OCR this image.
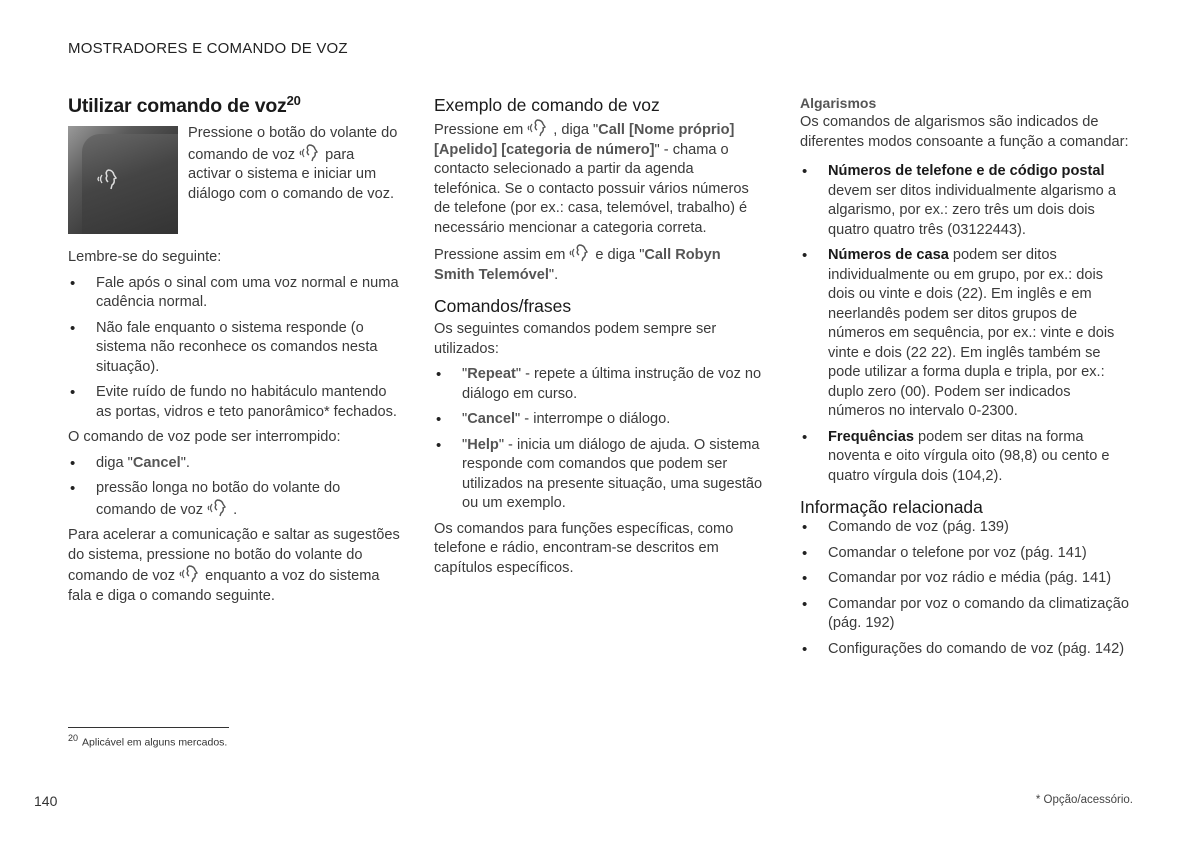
MOSTRADORES E COMANDO DE VOZ
Utilizar comando de voz$^{20}$

Pressione o botão do volante do comando de voz para activar o sistema e iniciar um diálogo com o comando de voz.

Lembre-se do seguinte:

• Fale após o sinal com uma voz normal e numa cadência normal.
• Não fale enquanto o sistema responde (o sistema não reconhece os comandos nesta situação).
• Evite ruído de fundo no habitáculo mantendo as portas, vidros e teto panorâmico* fechados.

O comando de voz pode ser interrompido:

• diga "Cancel".
• pressão longa no botão do volante do comando de voz .

Para acelerar a comunicação e saltar as sugestões do sistema, pressione no botão do volante do comando de voz enquanto a voz do sistema fala e diga o comando seguinte.

Exemplo de comando de voz

Pressione em , diga "Call [Nome próprio] [Apelido] [categoria de número]" - chama o contacto selecionado a partir da agenda telefónica. Se o contacto possuir vários números de telefone (por ex.: casa, telemóvel, trabalho) é necessário mencionar a categoria correta.

Pressione assim em e diga "Call Robyn Smith Telemóvel".

Comandos/frases

Os seguintes comandos podem sempre ser utilizados:

• "Repeat" - repete a última instrução de voz no diálogo em curso.
• "Cancel" - interrompe o diálogo.
• "Help" - inicia um diálogo de ajuda. O sistema responde com comandos que podem ser utilizados na presente situação, uma sugestão ou um exemplo.

Os comandos para funções específicas, como telefone e rádio, encontram-se descritos em capítulos específicos.

Algarismos

Os comandos de algarismos são indicados de diferentes modos consoante a função a comandar:

• Números de telefone e de código postal devem ser ditos individualmente algarismo a algarismo, por ex.: zero três um dois dois quatro quatro três (03122443).
• Números de casa podem ser ditos individualmente ou em grupo, por ex.: dois dois ou vinte e dois (22). Em inglês e em neerlandês podem ser ditos grupos de números em sequência, por ex.: vinte e dois vinte e dois (22 22). Em inglês também se pode utilizar a forma dupla e tripla, por ex.: duplo zero (00). Podem ser indicados números no intervalo 0-2300.
• Frequências podem ser ditas na forma noventa e oito vírgula oito (98,8) ou cento e quatro vírgula dois (104,2).
Informação relacionada
• Comando de voz (pág. 139)
• Comandar o telefone por voz (pág. 141)
• Comandar por voz rádio e média (pág. 141)
• Comandar por voz o comando da climatização (pág. 192)
• Configurações do comando de voz (pág. 142)
$^{20}$ Aplicável em alguns mercados.
140	* Opção/acessório.
